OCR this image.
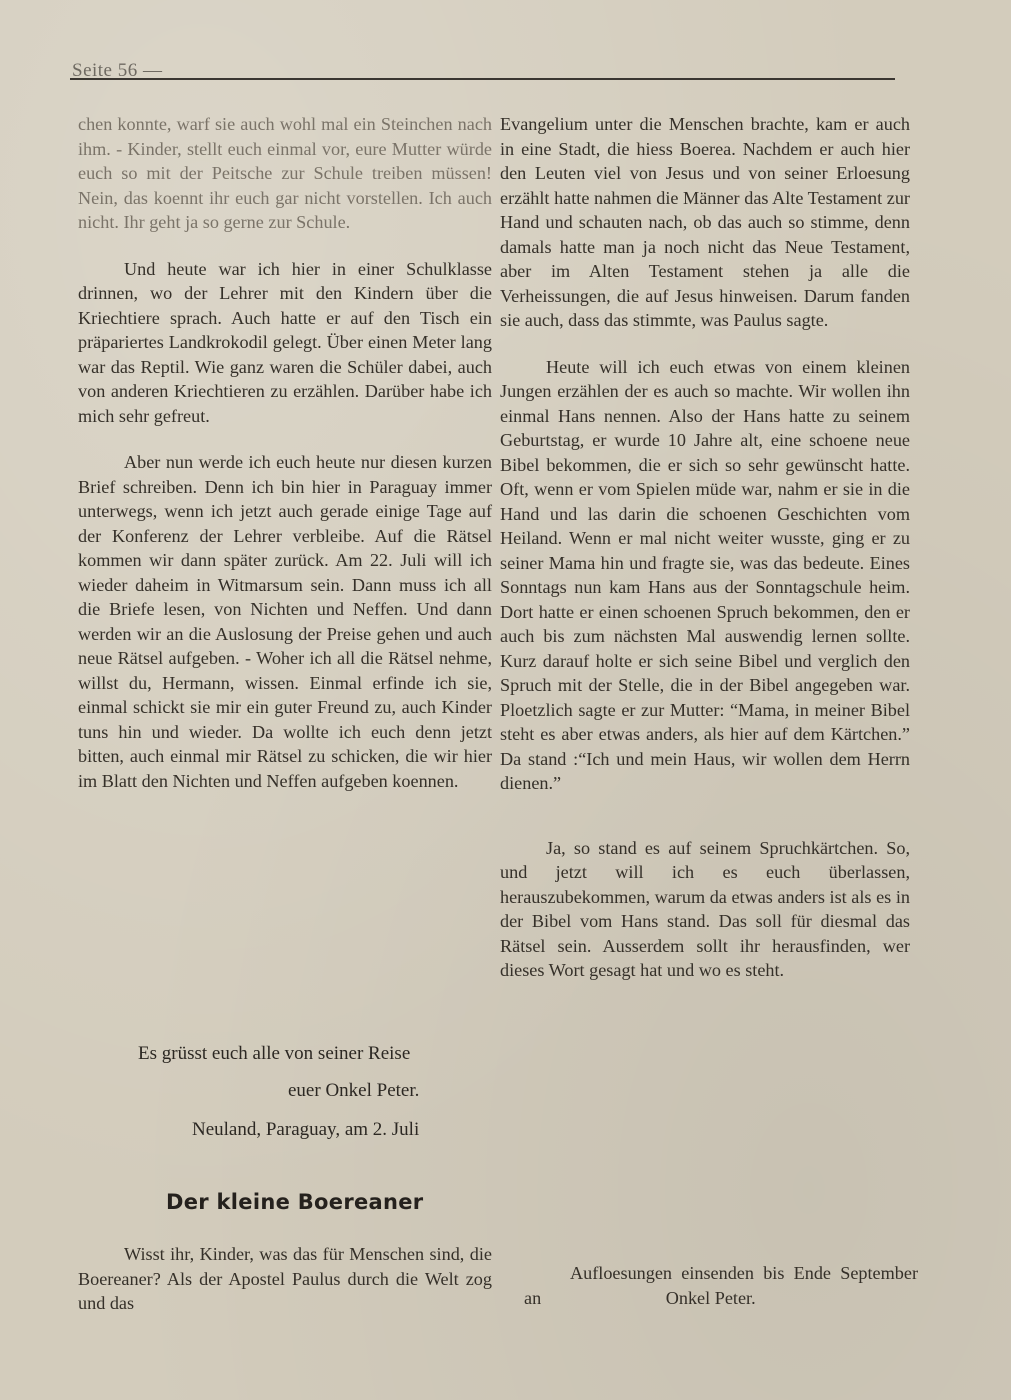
Seite 56 —

chen konnte, warf sie auch wohl mal ein Steinchen nach ihm. - Kinder, stellt euch einmal vor, eure Mutter würde euch so mit der Peitsche zur Schule treiben müssen! Nein, das koennt ihr euch gar nicht vorstellen. Ich auch nicht. Ihr geht ja so gerne zur Schule.

Und heute war ich hier in einer Schulklasse drinnen, wo der Lehrer mit den Kindern über die Kriechtiere sprach. Auch hatte er auf den Tisch ein präpariertes Landkrokodil gelegt. Über einen Meter lang war das Reptil. Wie ganz waren die Schüler dabei, auch von anderen Kriechtieren zu erzählen. Darüber habe ich mich sehr gefreut.

Aber nun werde ich euch heute nur diesen kurzen Brief schreiben. Denn ich bin hier in Paraguay immer unterwegs, wenn ich jetzt auch gerade einige Tage auf der Konferenz der Lehrer verbleibe. Auf die Rätsel kommen wir dann später zurück. Am 22. Juli will ich wieder daheim in Witmarsum sein. Dann muss ich all die Briefe lesen, von Nichten und Neffen. Und dann werden wir an die Auslosung der Preise gehen und auch neue Rätsel aufgeben. - Woher ich all die Rätsel nehme, willst du, Hermann, wissen. Einmal erfinde ich sie, einmal schickt sie mir ein guter Freund zu, auch Kinder tuns hin und wieder. Da wollte ich euch denn jetzt bitten, auch einmal mir Rätsel zu schicken, die wir hier im Blatt den Nichten und Neffen aufgeben koennen.

Es grüsst euch alle von seiner Reise
euer Onkel Peter.
Neuland, Paraguay, am 2. Juli
Der kleine Boereaner

Wisst ihr, Kinder, was das für Menschen sind, die Boereaner? Als der Apostel Paulus durch die Welt zog und das

Evangelium unter die Menschen brachte, kam er auch in eine Stadt, die hiess Boerea. Nachdem er auch hier den Leuten viel von Jesus und von seiner Erloesung erzählt hatte nahmen die Männer das Alte Testament zur Hand und schauten nach, ob das auch so stimme, denn damals hatte man ja noch nicht das Neue Testament, aber im Alten Testament stehen ja alle die Verheissungen, die auf Jesus hinweisen. Darum fanden sie auch, dass das stimmte, was Paulus sagte.

Heute will ich euch etwas von einem kleinen Jungen erzählen der es auch so machte. Wir wollen ihn einmal Hans nennen. Also der Hans hatte zu seinem Geburtstag, er wurde 10 Jahre alt, eine schoene neue Bibel bekommen, die er sich so sehr gewünscht hatte. Oft, wenn er vom Spielen müde war, nahm er sie in die Hand und las darin die schoenen Geschichten vom Heiland. Wenn er mal nicht weiter wusste, ging er zu seiner Mama hin und fragte sie, was das bedeute. Eines Sonntags nun kam Hans aus der Sonntagschule heim. Dort hatte er einen schoenen Spruch bekommen, den er auch bis zum nächsten Mal auswendig lernen sollte. Kurz darauf holte er sich seine Bibel und verglich den Spruch mit der Stelle, die in der Bibel angegeben war. Ploetzlich sagte er zur Mutter: “Mama, in meiner Bibel steht es aber etwas anders, als hier auf dem Kärtchen.” Da stand :“Ich und mein Haus, wir wollen dem Herrn dienen.”

Ja, so stand es auf seinem Spruchkärtchen. So, und jetzt will ich es euch überlassen, herauszubekommen, warum da etwas anders ist als es in der Bibel vom Hans stand. Das soll für diesmal das Rätsel sein. Ausserdem sollt ihr herausfinden, wer dieses Wort gesagt hat und wo es steht.

Aufloesungen einsenden bis Ende September an	Onkel Peter.
